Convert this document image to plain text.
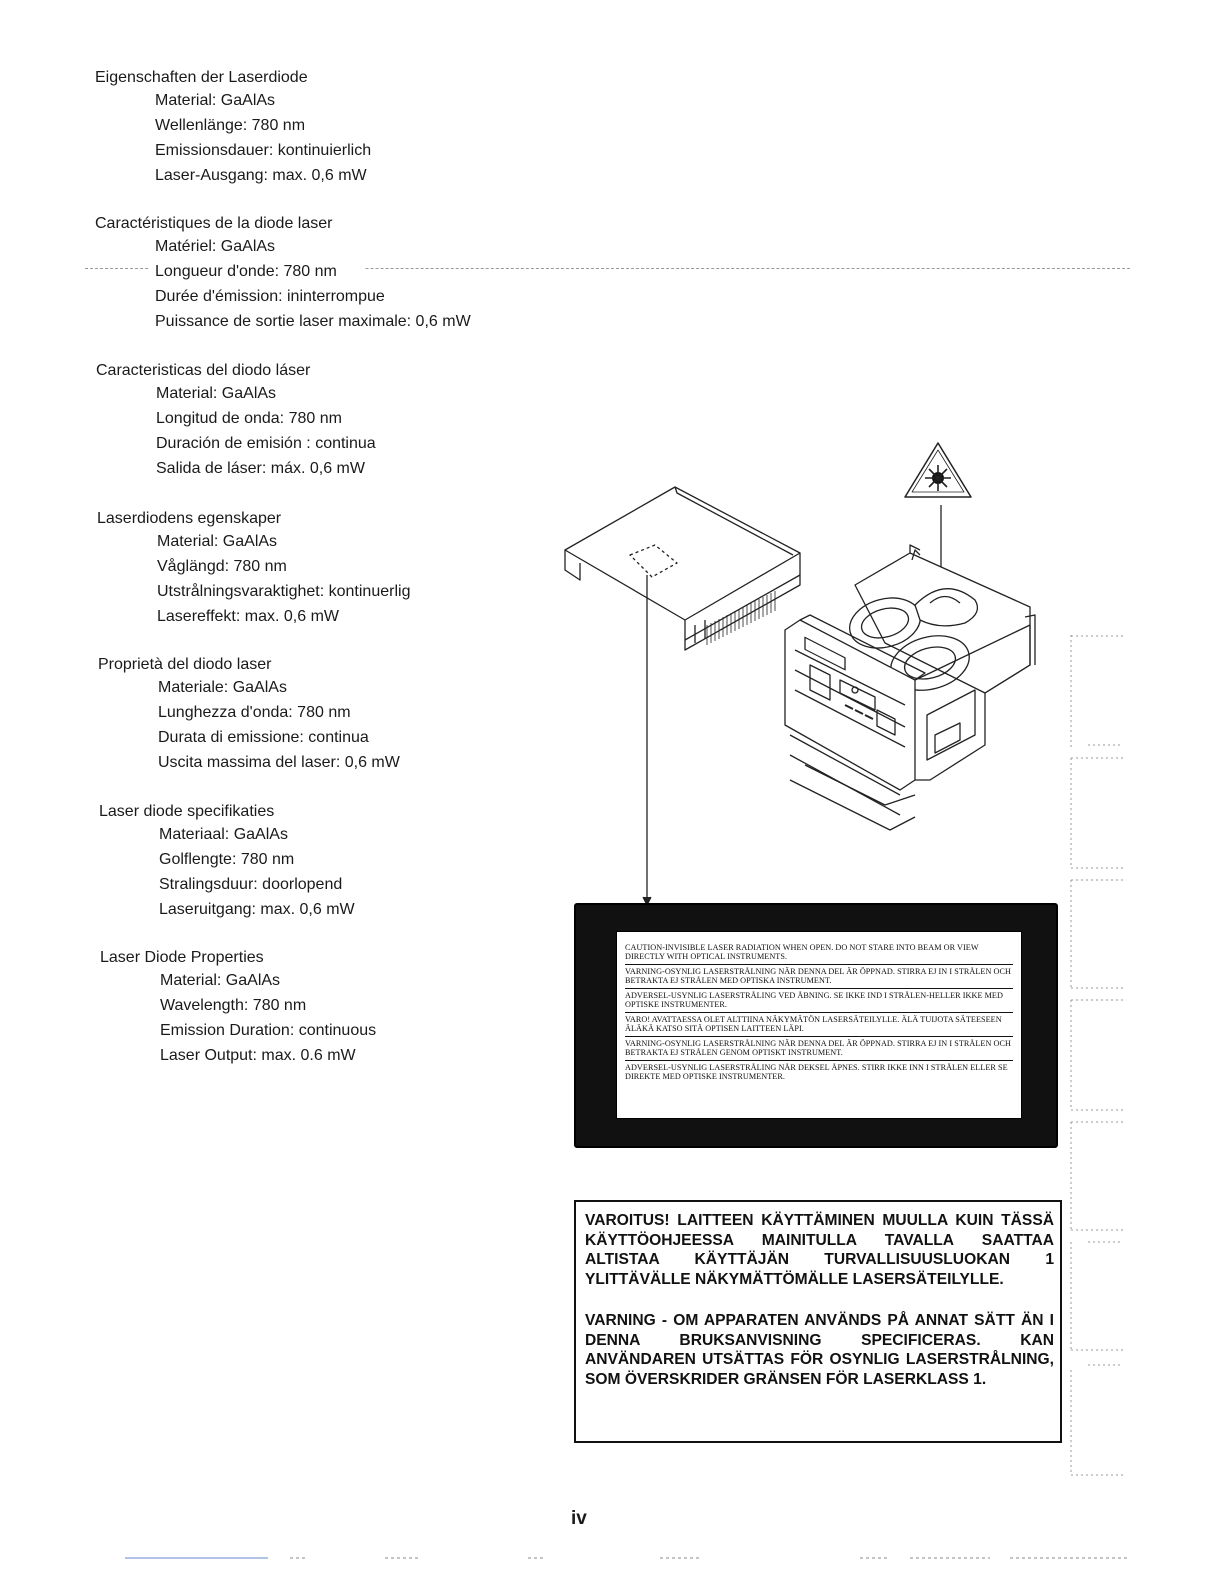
Eigenschaften der Laserdiode
Material: GaAlAs
Wellenlänge: 780 nm
Emissionsdauer: kontinuierlich
Laser-Ausgang: max. 0,6 mW
Caractéristiques de la diode laser
Matériel: GaAlAs
Longueur d'onde: 780 nm
Durée d'émission: ininterrompue
Puissance de sortie laser maximale: 0,6 mW
Caracteristicas del diodo láser
Material: GaAlAs
Longitud de onda: 780 nm
Duración de emisión : continua
Salida de láser: máx. 0,6 mW
Laserdiodens egenskaper
Material: GaAlAs
Våglängd: 780 nm
Utstrålningsvaraktighet: kontinuerlig
Lasereffekt: max. 0,6 mW
Proprietà del diodo laser
Materiale: GaAlAs
Lunghezza d'onda: 780 nm
Durata di emissione: continua
Uscita massima del laser: 0,6 mW
Laser diode specifikaties
Materiaal: GaAlAs
Golflengte: 780 nm
Stralingsduur: doorlopend
Laseruitgang: max. 0,6 mW
Laser Diode Properties
Material: GaAlAs
Wavelength: 780 nm
Emission Duration: continuous
Laser Output: max. 0.6 mW
CAUTION-INVISIBLE LASER RADIATION WHEN OPEN. DO NOT STARE INTO BEAM OR VIEW DIRECTLY WITH OPTICAL INSTRUMENTS.
VARNING-OSYNLIG LASERSTRÅLNING NÄR DENNA DEL ÄR ÖPPNAD. STIRRA EJ IN I STRÅLEN OCH BETRAKTA EJ STRÅLEN MED OPTISKA INSTRUMENT.
ADVERSEL-USYNLIG LASERSTRÅLING VED ÅBNING. SE IKKE IND I STRÅLEN-HELLER IKKE MED OPTISKE INSTRUMENTER.
VARO! AVATTAESSA OLET ALTTIINA NÄKYMÄTÖN LASERSÄTEILYLLE. ÄLÄ TUIJOTA SÄTEESEEN ÄLÄKÄ KATSO SITÄ OPTISEN LAITTEEN LÄPI.
VARNING-OSYNLIG LASERSTRÅLNING NÄR DENNA DEL ÄR ÖPPNAD. STIRRA EJ IN I STRÅLEN OCH BETRAKTA EJ STRÅLEN GENOM OPTISKT INSTRUMENT.
ADVERSEL-USYNLIG LASERSTRÅLING NÅR DEKSEL ÅPNES. STIRR IKKE INN I STRÅLEN ELLER SE DIREKTE MED OPTISKE INSTRUMENTER.

VAROITUS! LAITTEEN KÄYTTÄMINEN MUULLA KUIN TÄSSÄ KÄYTTÖOHJEESSA MAINITULLA TAVALLA SAATTAA ALTISTAA KÄYTTÄJÄN TURVALLISUUSLUOKAN 1 YLITTÄVÄLLE NÄKYMÄTTÖMÄLLE LASERSÄTEILYLLE.

VARNING - OM APPARATEN ANVÄNDS PÅ ANNAT SÄTT ÄN I DENNA BRUKSANVISNING SPECIFICERAS. KAN ANVÄNDAREN UTSÄTTAS FÖR OSYNLIG LASERSTRÅLNING, SOM ÖVERSKRIDER GRÄNSEN FÖR LASERKLASS 1.

iv
